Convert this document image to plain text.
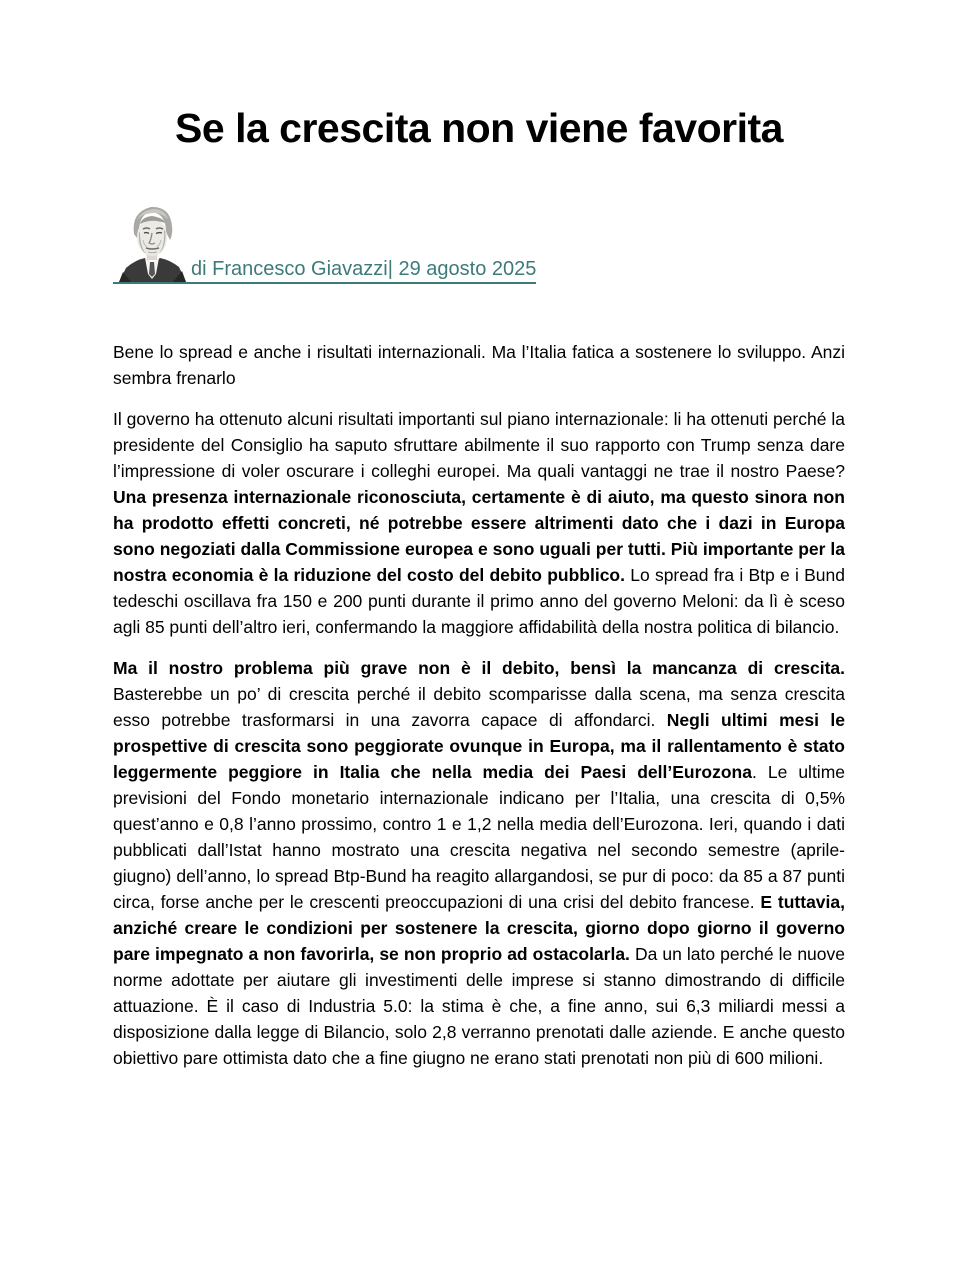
Se la crescita non viene favorita
di Francesco Giavazzi| 29 agosto 2025

Bene lo spread e anche i risultati internazionali. Ma l’Italia fatica a sostenere lo sviluppo. Anzi sembra frenarlo

Il governo ha ottenuto alcuni risultati importanti sul piano internazionale: li ha ottenuti perché la presidente del Consiglio ha saputo sfruttare abilmente il suo rapporto con Trump senza dare l’impressione di voler oscurare i colleghi europei. Ma quali vantaggi ne trae il nostro Paese? Una presenza internazionale riconosciuta, certamente è di aiuto, ma questo sinora non ha prodotto effetti concreti, né potrebbe essere altrimenti dato che i dazi in Europa sono negoziati dalla Commissione europea e sono uguali per tutti. Più importante per la nostra economia è la riduzione del costo del debito pubblico. Lo spread fra i Btp e i Bund tedeschi oscillava fra 150 e 200 punti durante il primo anno del governo Meloni: da lì è sceso agli 85 punti dell’altro ieri, confermando la maggiore affidabilità della nostra politica di bilancio.

Ma il nostro problema più grave non è il debito, bensì la mancanza di crescita. Basterebbe un po’ di crescita perché il debito scomparisse dalla scena, ma senza crescita esso potrebbe trasformarsi in una zavorra capace di affondarci. Negli ultimi mesi le prospettive di crescita sono peggiorate ovunque in Europa, ma il rallentamento è stato leggermente peggiore in Italia che nella media dei Paesi dell’Eurozona. Le ultime previsioni del Fondo monetario internazionale indicano per l’Italia, una crescita di 0,5% quest’anno e 0,8 l’anno prossimo, contro 1 e 1,2 nella media dell’Eurozona. Ieri, quando i dati pubblicati dall’Istat hanno mostrato una crescita negativa nel secondo semestre (aprile-giugno) dell’anno, lo spread Btp-Bund ha reagito allargandosi, se pur di poco: da 85 a 87 punti circa, forse anche per le crescenti preoccupazioni di una crisi del debito francese. E tuttavia, anziché creare le condizioni per sostenere la crescita, giorno dopo giorno il governo pare impegnato a non favorirla, se non proprio ad ostacolarla. Da un lato perché le nuove norme adottate per aiutare gli investimenti delle imprese si stanno dimostrando di difficile attuazione. È il caso di Industria 5.0: la stima è che, a fine anno, sui 6,3 miliardi messi a disposizione dalla legge di Bilancio, solo 2,8 verranno prenotati dalle aziende. E anche questo obiettivo pare ottimista dato che a fine giugno ne erano stati prenotati non più di 600 milioni.
